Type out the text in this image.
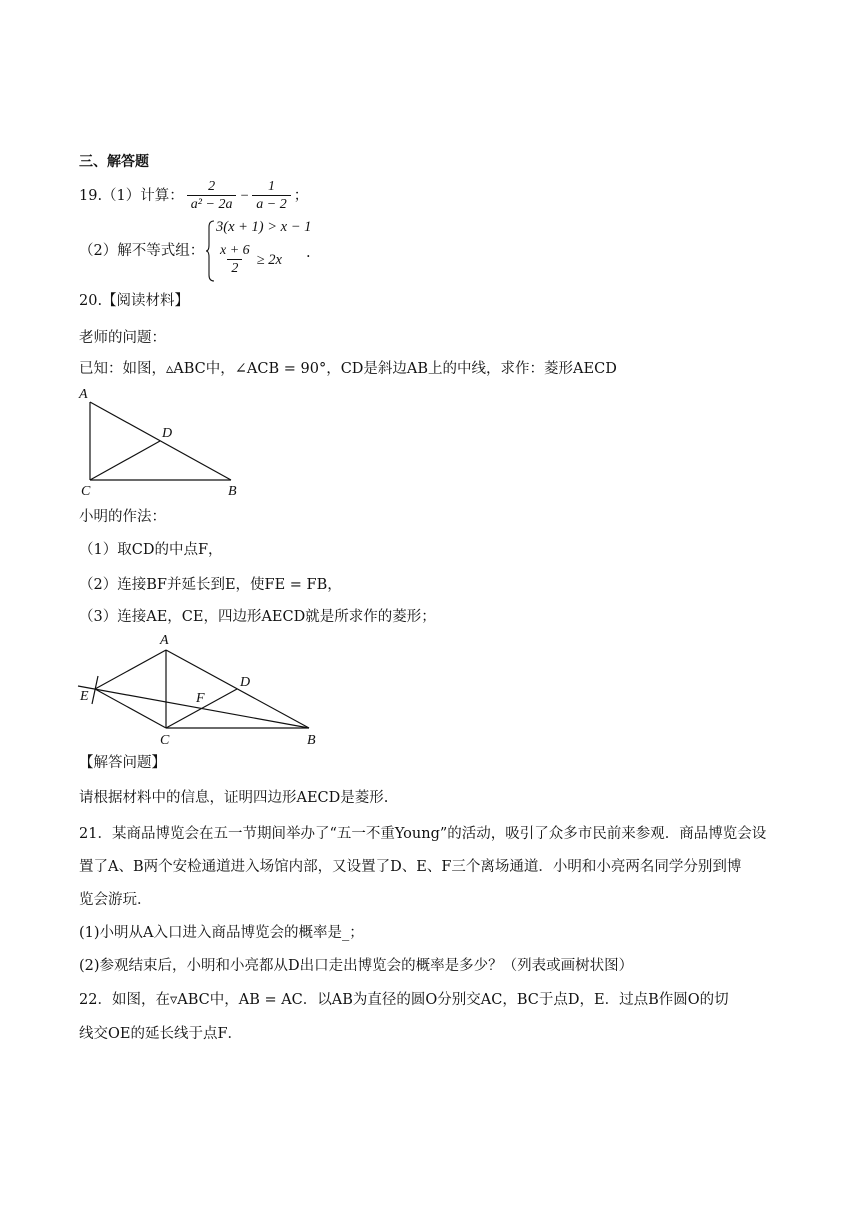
三、解答题
19.（1）计算： $\frac{2}{\text{a² − 2a}} - \frac{1}{a - 2}$ ；
（2）解不等式组：
3(x + 1) > x − 1
$\frac{x + 6}{2} \ge 2x$ .
20.【阅读材料】
老师的问题：
已知：如图，▵ABC中，∠ACB = 90°，CD是斜边AB上的中线，求作：菱形AECD
A
D
C	B
小明的作法：
（1）取CD的中点F，
（2）连接BF并延长到E，使FE = FB，
（3）连接AE，CE，四边形AECD就是所求作的菱形；
A
D
E	F
C	B
【解答问题】
请根据材料中的信息，证明四边形AECD是菱形.
21．某商品博览会在五一节期间举办了“五一不重Young”的活动，吸引了众多市民前来参观．商品博览会设
置了A、B两个安检通道进入场馆内部，又设置了D、E、F三个离场通道．小明和小亮两名同学分别到博
览会游玩．
(1)小明从A入口进入商品博览会的概率是_；
(2)参观结束后，小明和小亮都从D出口走出博览会的概率是多少？（列表或画树状图）
22．如图，在▿ABC中，AB = AC．以AB为直径的圆O分别交AC，BC于点D，E．过点B作圆O的切
线交OE的延长线于点F．
